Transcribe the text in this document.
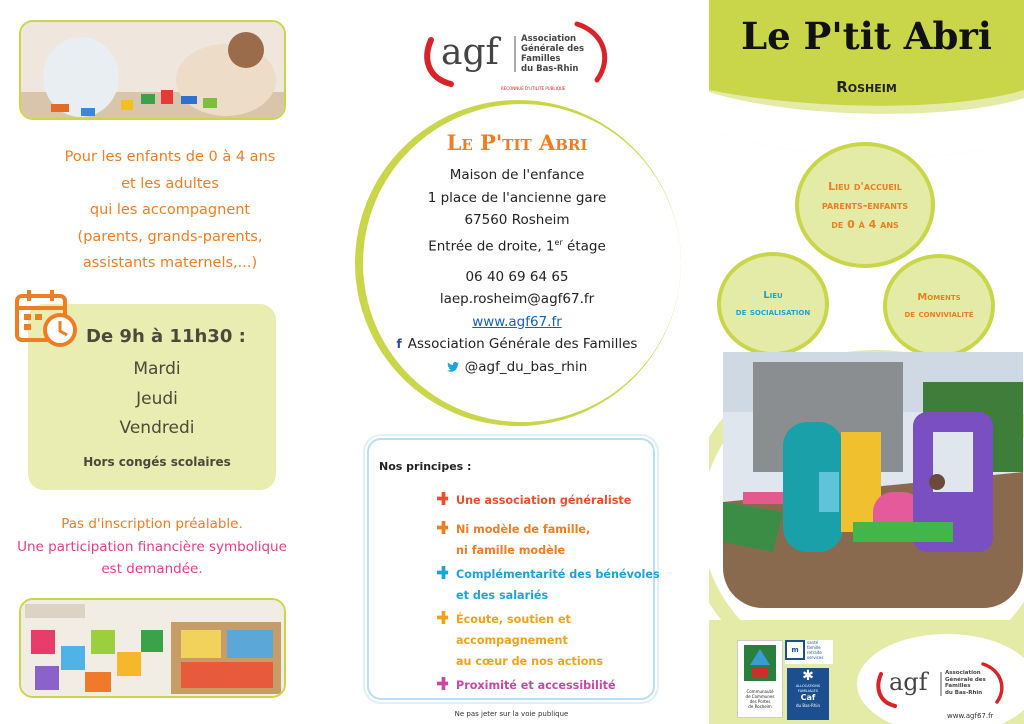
Pour les enfants de 0 à 4 ans
et les adultes
qui les accompagnent
(parents, grands-parents,
assistants maternels,...)
De 9h à 11h30 :
Mardi
Jeudi
Vendredi
Hors congés scolaires
Pas d'inscription préalable.
Une participation financière symbolique
est demandée.
agf	Association
Générale des
Familles
du Bas-Rhin
RECONNUE D'UTILITÉ PUBLIQUE
Le P'tit Abri
Maison de l'enfance
1 place de l'ancienne gare
67560 Rosheim
Entrée de droite, 1er étage
06 40 69 64 65
laep.rosheim@agf67.fr
www.agf67.fr
f Association Générale des Familles
@agf_du_bas_rhin
Nos principes :
Une association généraliste
Ni modèle de famille,
ni famille modèle
Complémentarité des bénévoles
et des salariés
Écoute, soutien et accompagnement
au cœur de nos actions
Proximité et accessibilité
Ne pas jeter sur la voie publique
Le P'tit Abri
Rosheim
Lieu d'accueil
parents-enfants
de 0 à 4 ans
Lieu
de socialisation
Moments
de convivialité
Communauté
de Communes
des Portes
de Rosheim
m
santé
famille
retraite
services
✱
ALLOCATIONS
FAMILIALES
Caf
du Bas-Rhin
agf	Association
Générale des
Familles
du Bas-Rhin
www.agf67.fr
